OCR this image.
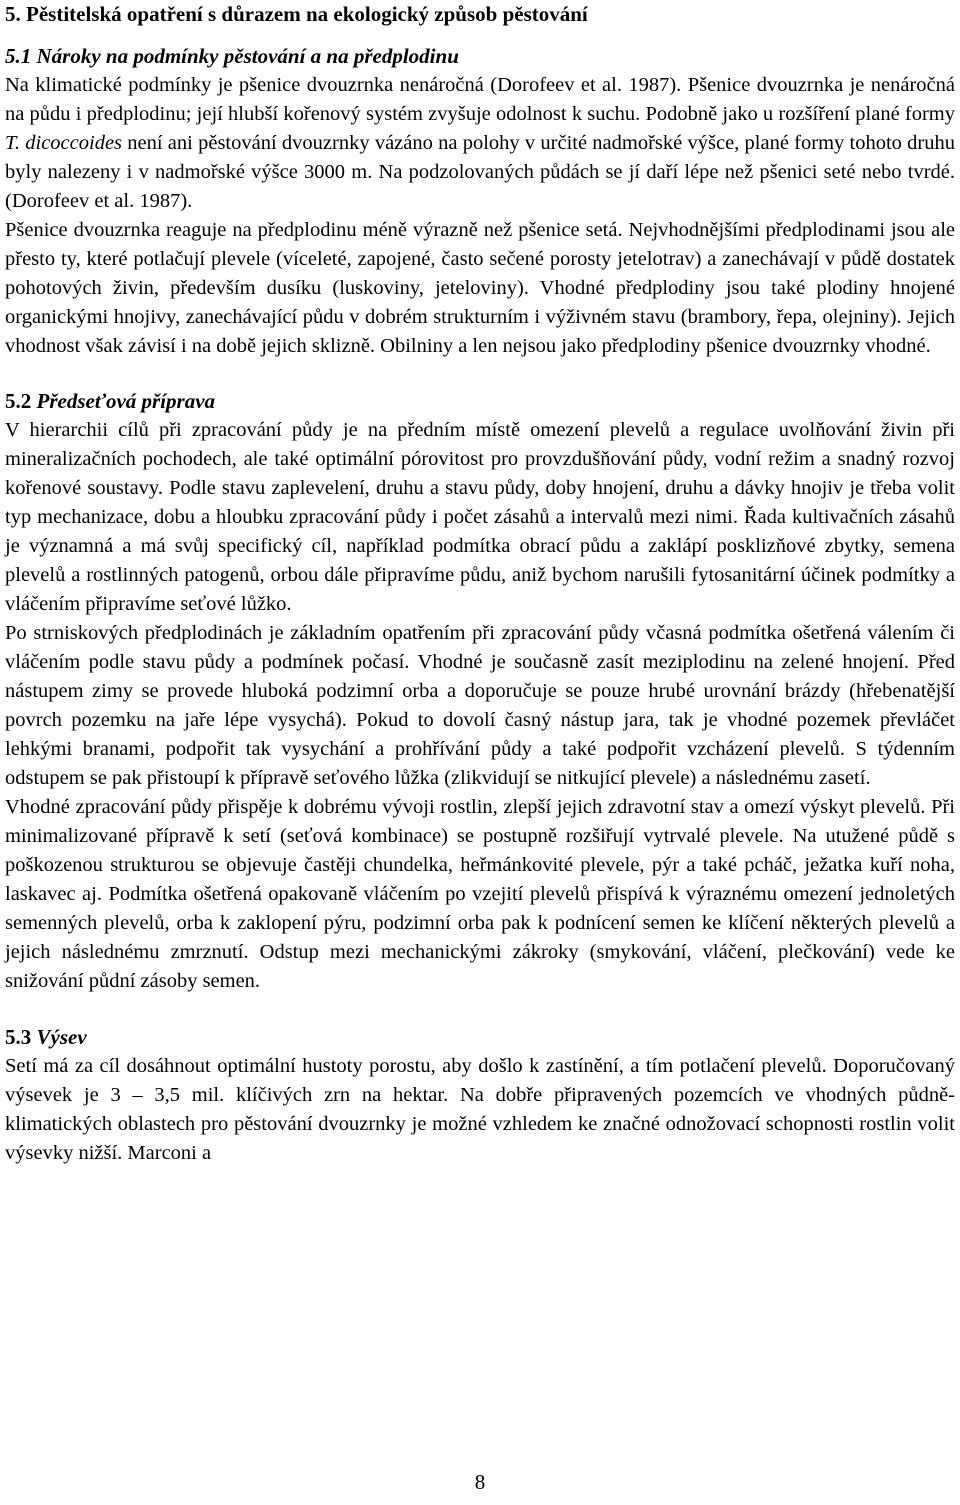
5. Pěstitelská opatření s důrazem na ekologický způsob pěstování
5.1 Nároky na podmínky pěstování a na předplodinu

Na klimatické podmínky je pšenice dvouzrnka nenáročná (Dorofeev et al. 1987). Pšenice dvouzrnka je nenáročná na půdu i předplodinu; její hlubší kořenový systém zvyšuje odolnost k suchu. Podobně jako u rozšíření plané formy T. dicoccoides není ani pěstování dvouzrnky vázáno na polohy v určité nadmořské výšce, plané formy tohoto druhu byly nalezeny i v nadmořské výšce 3000 m. Na podzolovaných půdách se jí daří lépe než pšenici seté nebo tvrdé. (Dorofeev et al. 1987).

Pšenice dvouzrnka reaguje na předplodinu méně výrazně než pšenice setá. Nejvhodnějšími předplodinami jsou ale přesto ty, které potlačují plevele (víceleté, zapojené, často sečené porosty jetelotrav) a zanechávají v půdě dostatek pohotových živin, především dusíku (luskoviny, jeteloviny). Vhodné předplodiny jsou také plodiny hnojené organickými hnojivy, zanechávající půdu v dobrém strukturním i výživném stavu (brambory, řepa, olejniny). Jejich vhodnost však závisí i na době jejich sklizně. Obilniny a len nejsou jako předplodiny pšenice dvouzrnky vhodné.

5.2 Předseťová příprava

V hierarchii cílů při zpracování půdy je na předním místě omezení plevelů a regulace uvolňování živin při mineralizačních pochodech, ale také optimální pórovitost pro provzdušňování půdy, vodní režim a snadný rozvoj kořenové soustavy. Podle stavu zaplevelení, druhu a stavu půdy, doby hnojení, druhu a dávky hnojiv je třeba volit typ mechanizace, dobu a hloubku zpracování půdy i počet zásahů a intervalů mezi nimi. Řada kultivačních zásahů je významná a má svůj specifický cíl, například podmítka obrací půdu a zaklápí posklizňové zbytky, semena plevelů a rostlinných patogenů, orbou dále připravíme půdu, aniž bychom narušili fytosanitární účinek podmítky a vláčením připravíme seťové lůžko.

Po strniskových předplodinách je základním opatřením při zpracování půdy včasná podmítka ošetřená válením či vláčením podle stavu půdy a podmínek počasí. Vhodné je současně zasít meziplodinu na zelené hnojení. Před nástupem zimy se provede hluboká podzimní orba a doporučuje se pouze hrubé urovnání brázdy (hřebenatější povrch pozemku na jaře lépe vysychá). Pokud to dovolí časný nástup jara, tak je vhodné pozemek převláčet lehkými branami, podpořit tak vysychání a prohřívání půdy a také podpořit vzcházení plevelů. S týdenním odstupem se pak přistoupí k přípravě seťového lůžka (zlikvidují se nitkující plevele) a následnému zasetí.

Vhodné zpracování půdy přispěje k dobrému vývoji rostlin, zlepší jejich zdravotní stav a omezí výskyt plevelů. Při minimalizované přípravě k setí (seťová kombinace) se postupně rozšiřují vytrvalé plevele. Na utužené půdě s poškozenou strukturou se objevuje častěji chundelka, heřmánkovité plevele, pýr a také pcháč, ježatka kuří noha, laskavec aj. Podmítka ošetřená opakovaně vláčením po vzejití plevelů přispívá k výraznému omezení jednoletých semenných plevelů, orba k zaklopení pýru, podzimní orba pak k podnícení semen ke klíčení některých plevelů a jejich následnému zmrznutí. Odstup mezi mechanickými zákroky (smykování, vláčení, plečkování) vede ke snižování půdní zásoby semen.

5.3 Výsev

Setí má za cíl dosáhnout optimální hustoty porostu, aby došlo k zastínění, a tím potlačení plevelů. Doporučovaný výsevek je 3 – 3,5 mil. klíčivých zrn na hektar. Na dobře připravených pozemcích ve vhodných půdně-klimatických oblastech pro pěstování dvouzrnky je možné vzhledem ke značné odnožovací schopnosti rostlin volit výsevky nižší. Marconi a

8
